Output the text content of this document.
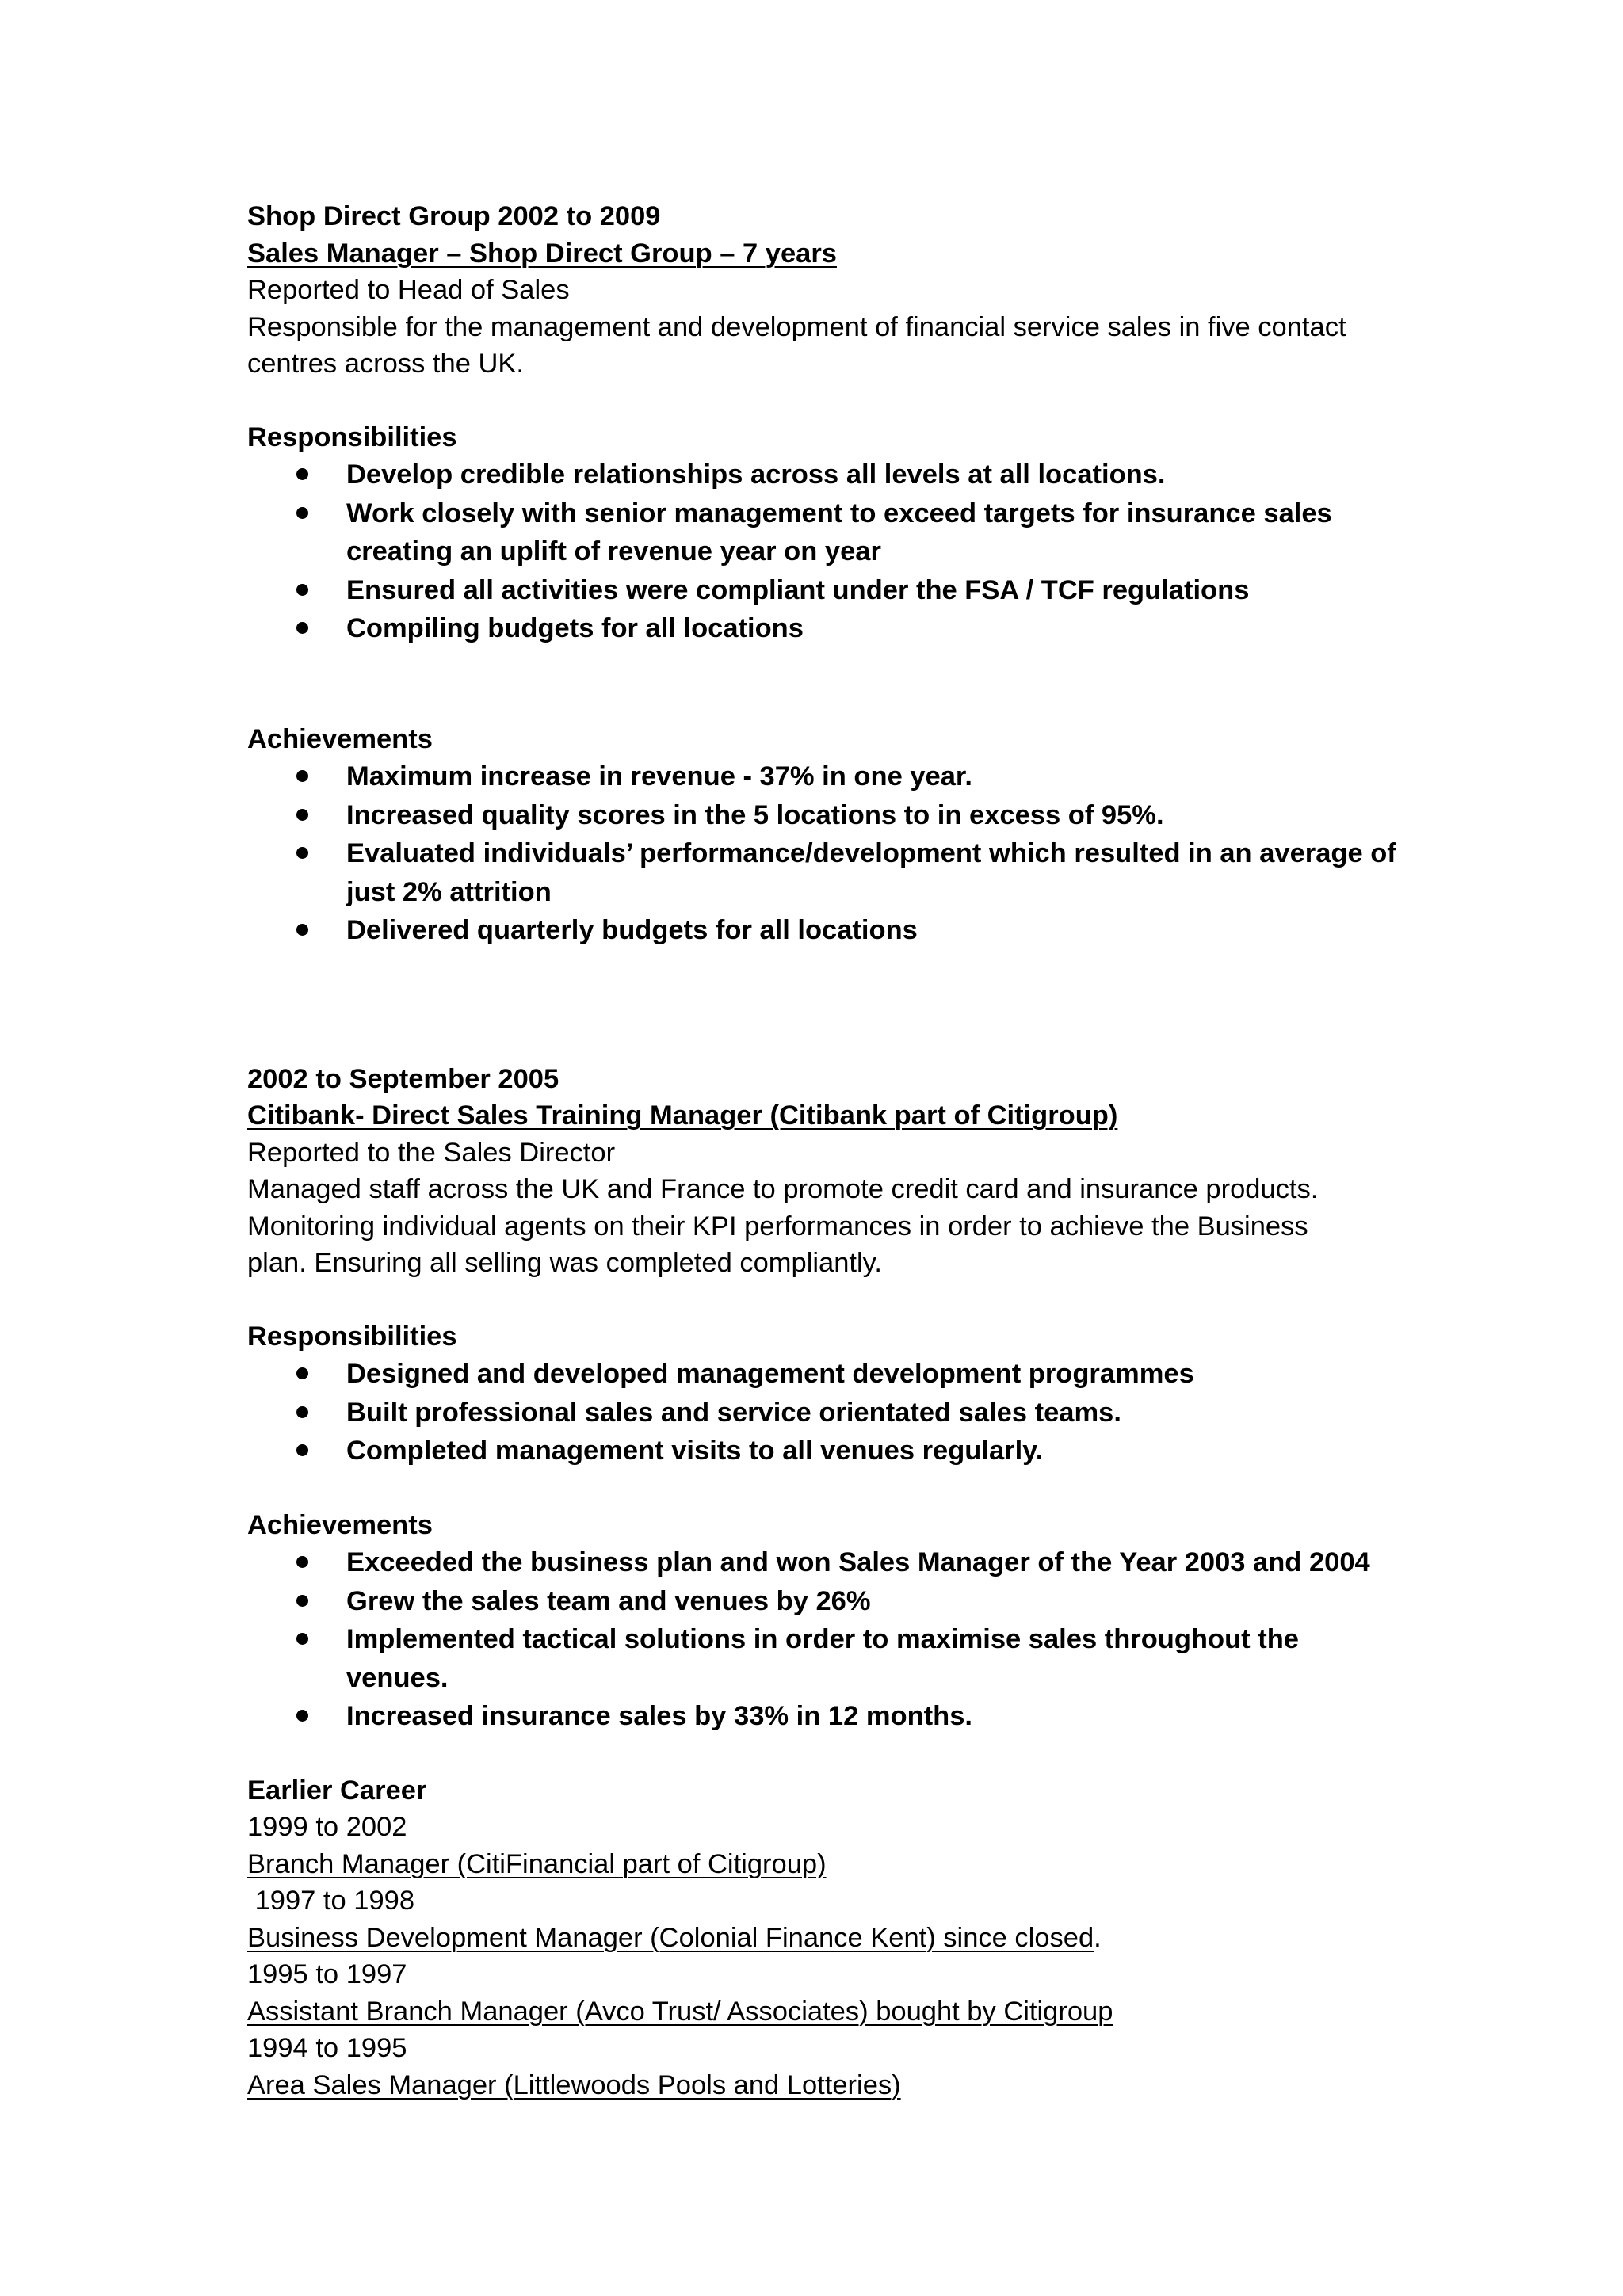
Shop Direct Group 2002 to 2009
Sales Manager – Shop Direct Group – 7 years
Reported to Head of Sales
Responsible for the management and development of financial service sales in five contact
centres across the UK.
Responsibilities
Develop credible relationships across all levels at all locations.
Work closely with senior management to exceed targets for insurance sales
creating an uplift of revenue year on year
Ensured all activities were compliant under the FSA / TCF regulations
Compiling budgets for all locations
Achievements
Maximum increase in revenue - 37% in one year.
Increased quality scores in the 5 locations to in excess of 95%.
Evaluated individuals’ performance/development which resulted in an average of
just 2% attrition
Delivered quarterly budgets for all locations
2002 to September 2005
Citibank- Direct Sales Training Manager (Citibank part of Citigroup)
Reported to the Sales Director
Managed staff across the UK and France to promote credit card and insurance products.
Monitoring individual agents on their KPI performances in order to achieve the Business
plan. Ensuring all selling was completed compliantly.
Responsibilities
Designed and developed management development programmes
Built professional sales and service orientated sales teams.
Completed management visits to all venues regularly.
Achievements
Exceeded the business plan and won Sales Manager of the Year 2003 and 2004
Grew the sales team and venues by 26%
Implemented tactical solutions in order to maximise sales throughout the venues.
Increased insurance sales by 33% in 12 months.
Earlier Career
1999 to 2002
Branch Manager (CitiFinancial part of Citigroup)
1997 to 1998
Business Development Manager (Colonial Finance Kent) since closed.
1995 to 1997
Assistant Branch Manager (Avco Trust/ Associates) bought by Citigroup
1994 to 1995
Area Sales Manager (Littlewoods Pools and Lotteries)
